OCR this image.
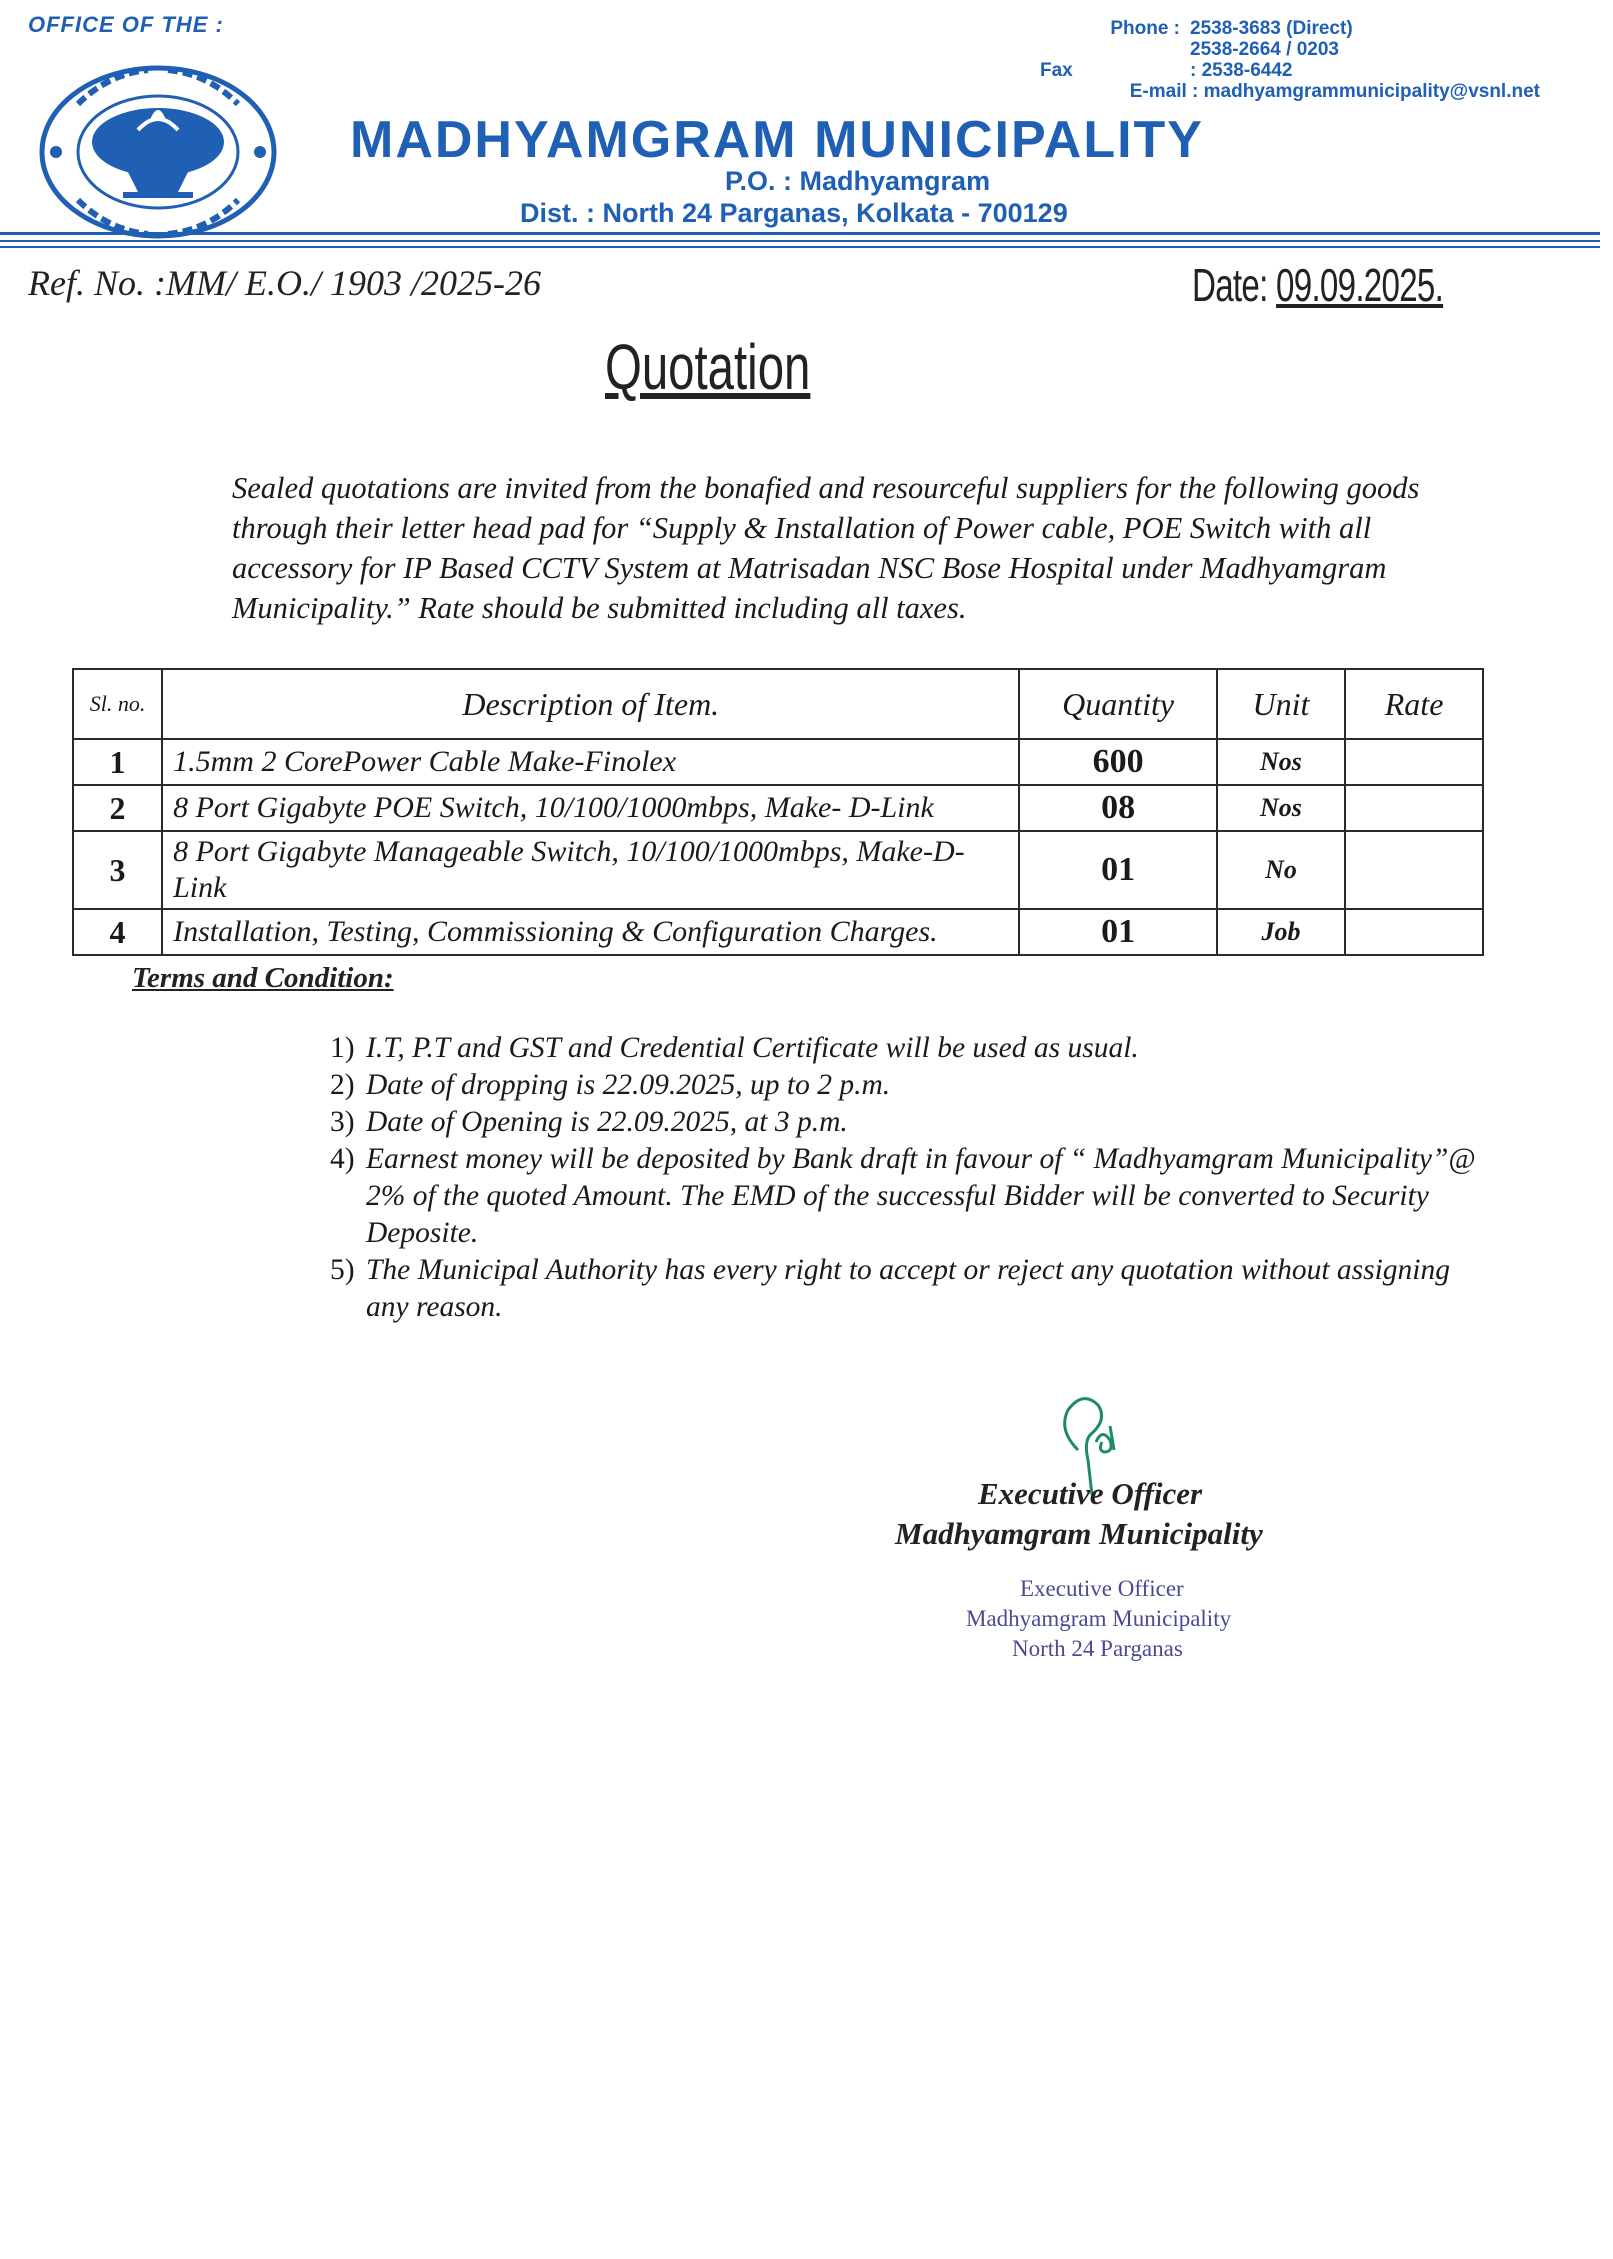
OFFICE OF THE :	Phone : 2538-3683 (Direct)
2538-2664 / 0203
Fax	: 2538-6442
E-mail : madhyamgrammunicipality@vsnl.net
MADHYAMGRAM MUNICIPALITY
P.O. : Madhyamgram
Dist. : North 24 Parganas, Kolkata - 700129
Ref. No. :MM/ E.O./ 1903 /2025-26	Date: 09.09.2025.
Quotation
Sealed quotations are invited from the bonafied and resourceful suppliers for the following goods through their letter head pad for “Supply & Installation of Power cable, POE Switch with all accessory for IP Based CCTV System at Matrisadan NSC Bose Hospital under Madhyamgram Municipality.” Rate should be submitted including all taxes.
Sl. no.	Description of Item.	Quantity	Unit	Rate
1	1.5mm 2 CorePower Cable Make-Finolex	600	Nos	
2	8 Port Gigabyte POE Switch, 10/100/1000mbps, Make- D-Link	08	Nos	
3	8 Port Gigabyte Manageable Switch, 10/100/1000mbps, Make-D-Link	01	No	
4	Installation, Testing, Commissioning & Configuration Charges.	01	Job	
Terms and Condition:
1) I.T, P.T and GST and Credential Certificate will be used as usual.
2) Date of dropping is 22.09.2025, up to 2 p.m.
3) Date of Opening is 22.09.2025, at 3 p.m.
4) Earnest money will be deposited by Bank draft in favour of “ Madhyamgram Municipality”@ 2% of the quoted Amount. The EMD of the successful Bidder will be converted to Security Deposite.
5) The Municipal Authority has every right to accept or reject any quotation without assigning any reason.
Executive Officer
Madhyamgram Municipality
Executive Officer
Madhyamgram Municipality
North 24 Parganas
